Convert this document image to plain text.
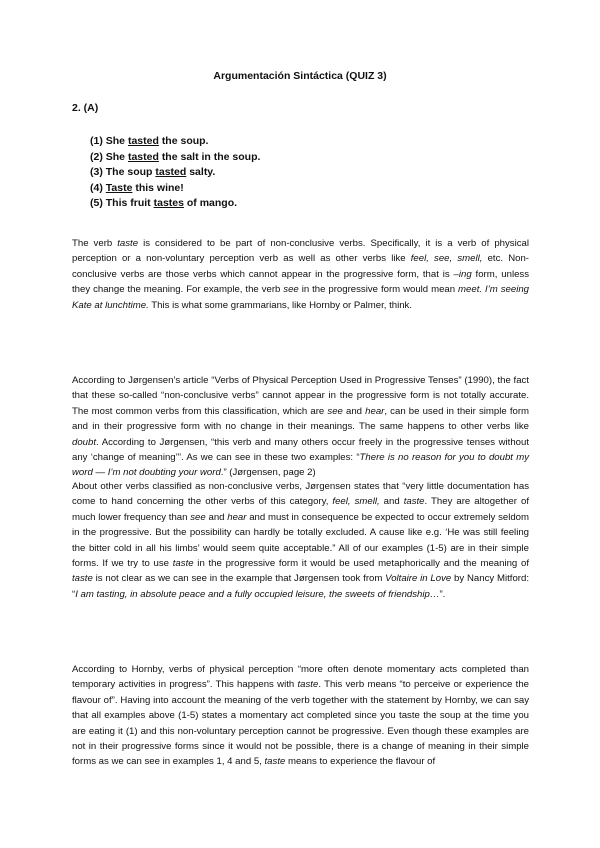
Argumentación Sintáctica (QUIZ 3)
2. (A)
(1) She tasted the soup.
(2) She tasted the salt in the soup.
(3) The soup tasted salty.
(4) Taste this wine!
(5) This fruit tastes of mango.

The verb taste is considered to be part of non-conclusive verbs. Specifically, it is a verb of physical perception or a non-voluntary perception verb as well as other verbs like feel, see, smell, etc. Non-conclusive verbs are those verbs which cannot appear in the progressive form, that is –ing form, unless they change the meaning. For example, the verb see in the progressive form would mean meet. I’m seeing Kate at lunchtime. This is what some grammarians, like Hornby or Palmer, think.

According to Jørgensen’s article “Verbs of Physical Perception Used in Progressive Tenses” (1990), the fact that these so-called “non-conclusive verbs” cannot appear in the progressive form is not totally accurate. The most common verbs from this classification, which are see and hear, can be used in their simple form and in their progressive form with no change in their meanings. The same happens to other verbs like doubt. According to Jørgensen, “this verb and many others occur freely in the progressive tenses without any ‘change of meaning’”. As we can see in these two examples: “There is no reason for you to doubt my word — I’m not doubting your word.” (Jørgensen, page 2)

About other verbs classified as non-conclusive verbs, Jørgensen states that “very little documentation has come to hand concerning the other verbs of this category, feel, smell, and taste. They are altogether of much lower frequency than see and hear and must in consequence be expected to occur extremely seldom in the progressive. But the possibility can hardly be totally excluded. A cause like e.g. ‘He was still feeling the bitter cold in all his limbs’ would seem quite acceptable.” All of our examples (1-5) are in their simple forms. If we try to use taste in the progressive form it would be used metaphorically and the meaning of taste is not clear as we can see in the example that Jørgensen took from Voltaire in Love by Nancy Mitford: “I am tasting, in absolute peace and a fully occupied leisure, the sweets of friendship…”.

According to Hornby, verbs of physical perception “more often denote momentary acts completed than temporary activities in progress”. This happens with taste. This verb means “to perceive or experience the flavour of”. Having into account the meaning of the verb together with the statement by Hornby, we can say that all examples above (1-5) states a momentary act completed since you taste the soup at the time you are eating it (1) and this non-voluntary perception cannot be progressive. Even though these examples are not in their progressive forms since it would not be possible, there is a change of meaning in their simple forms as we can see in examples 1, 4 and 5, taste means to experience the flavour of
